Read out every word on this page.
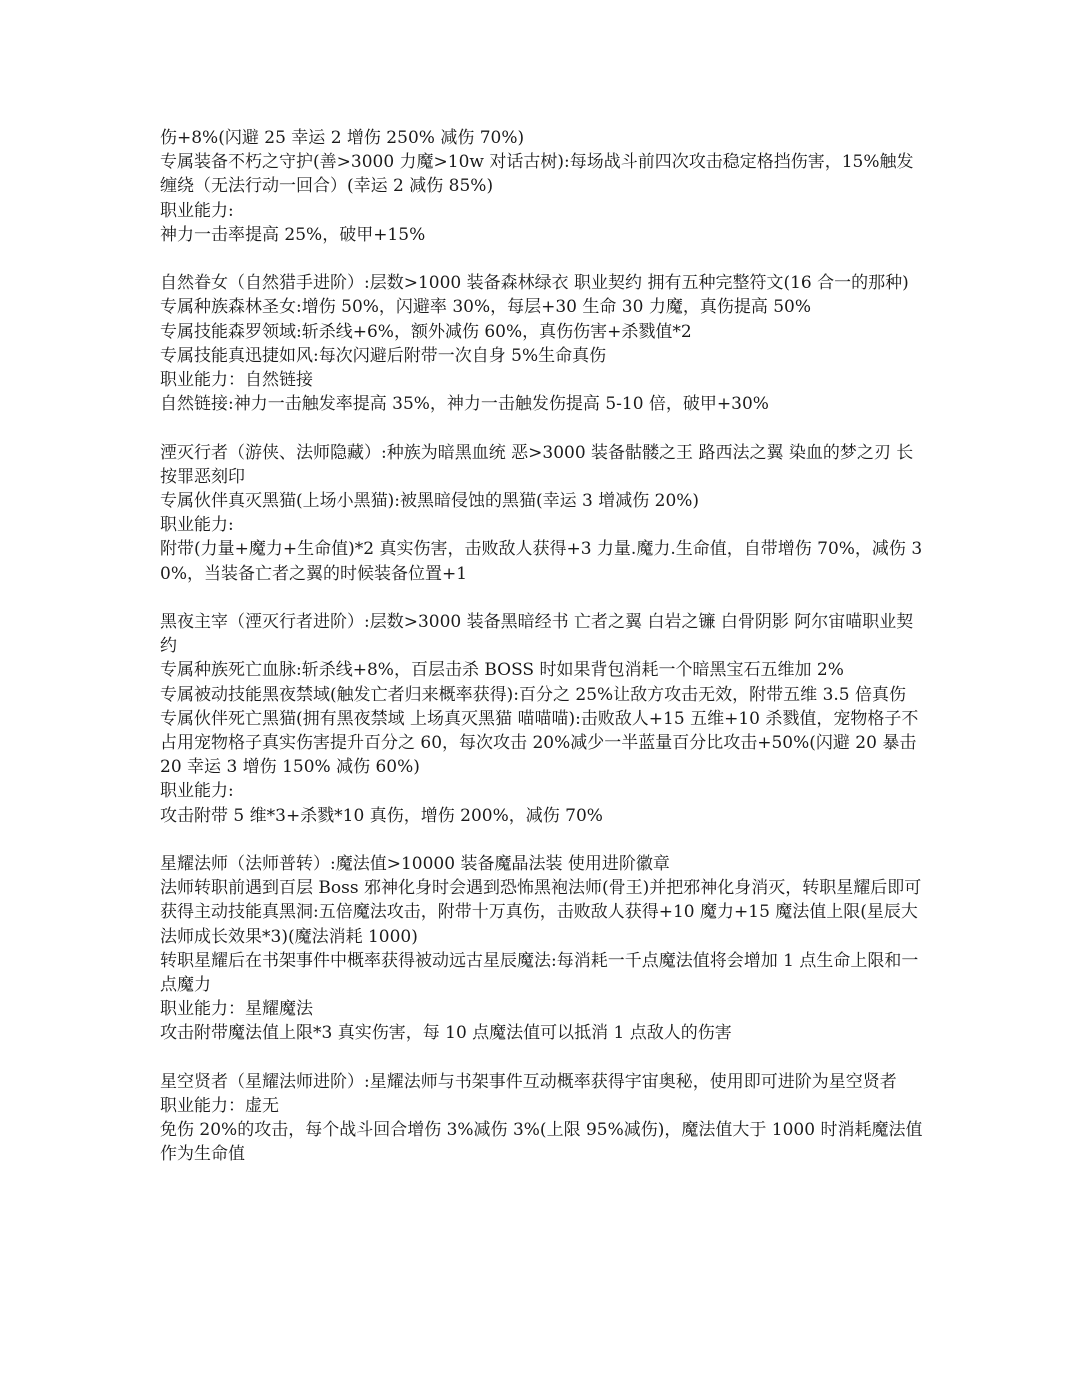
伤+8%(闪避 25 幸运 2 增伤 250% 减伤 70%)

专属装备不朽之守护(善>3000 力魔>10w 对话古树):每场战斗前四次攻击稳定格挡伤害，15%触发缠绕（无法行动一回合）(幸运 2 减伤 85%)

职业能力:

神力一击率提高 25%，破甲+15%

自然眷女（自然猎手进阶）:层数>1000 装备森林绿衣 职业契约 拥有五种完整符文(16 合一的那种)

专属种族森林圣女:增伤 50%，闪避率 30%，每层+30 生命 30 力魔，真伤提高 50%

专属技能森罗领域:斩杀线+6%，额外减伤 60%，真伤伤害+杀戮值*2

专属技能真迅捷如风:每次闪避后附带一次自身 5%生命真伤

职业能力：自然链接

自然链接:神力一击触发率提高 35%，神力一击触发伤提高 5-10 倍，破甲+30%

湮灭行者（游侠、法师隐藏）:种族为暗黑血统 恶>3000 装备骷髅之王 路西法之翼 染血的梦之刃 长按罪恶刻印

专属伙伴真灭黑猫(上场小黑猫):被黑暗侵蚀的黑猫(幸运 3 增减伤 20%)

职业能力:

附带(力量+魔力+生命值)*2 真实伤害，击败敌人获得+3 力量.魔力.生命值，自带增伤 70%，减伤 30%，当装备亡者之翼的时候装备位置+1

黑夜主宰（湮灭行者进阶）:层数>3000 装备黑暗经书 亡者之翼 白岩之镰 白骨阴影 阿尔宙喵职业契约

专属种族死亡血脉:斩杀线+8%，百层击杀 BOSS 时如果背包消耗一个暗黑宝石五维加 2%

专属被动技能黑夜禁域(触发亡者归来概率获得):百分之 25%让敌方攻击无效，附带五维 3.5 倍真伤

专属伙伴死亡黑猫(拥有黑夜禁域 上场真灭黑猫 喵喵喵):击败敌人+15 五维+10 杀戮值，宠物格子不占用宠物格子真实伤害提升百分之 60，每次攻击 20%减少一半蓝量百分比攻击+50%(闪避 20 暴击 20 幸运 3 增伤 150% 减伤 60%)

职业能力:

攻击附带 5 维*3+杀戮*10 真伤，增伤 200%，减伤 70%

星耀法师（法师普转）:魔法值>10000 装备魔晶法装 使用进阶徽章

法师转职前遇到百层 Boss 邪神化身时会遇到恐怖黑袍法师(骨王)并把邪神化身消灭，转职星耀后即可获得主动技能真黑洞:五倍魔法攻击，附带十万真伤，击败敌人获得+10 魔力+15 魔法值上限(星辰大法师成长效果*3)(魔法消耗 1000)

转职星耀后在书架事件中概率获得被动远古星辰魔法:每消耗一千点魔法值将会增加 1 点生命上限和一点魔力

职业能力：星耀魔法

攻击附带魔法值上限*3 真实伤害，每 10 点魔法值可以抵消 1 点敌人的伤害

星空贤者（星耀法师进阶）:星耀法师与书架事件互动概率获得宇宙奥秘，使用即可进阶为星空贤者

职业能力：虚无

免伤 20%的攻击，每个战斗回合增伤 3%减伤 3%(上限 95%减伤)，魔法值大于 1000 时消耗魔法值作为生命值
